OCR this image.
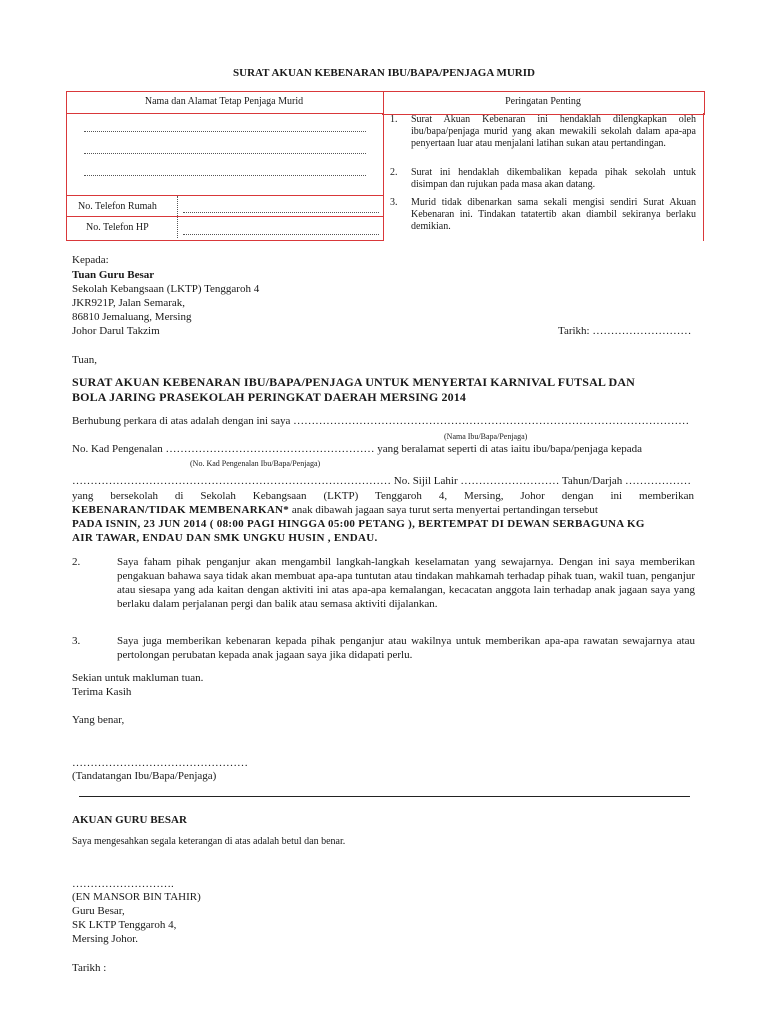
SURAT AKUAN KEBENARAN IBU/BAPA/PENJAGA MURID
Nama dan Alamat Tetap Penjaga Murid
No. Telefon Rumah
No. Telefon HP
Peringatan Penting
1. Surat Akuan Kebenaran ini hendaklah dilengkapkan oleh ibu/bapa/penjaga murid yang akan mewakili sekolah dalam apa-apa penyertaan luar atau menjalani latihan sukan atau pertandingan.
2. Surat ini hendaklah dikembalikan kepada pihak sekolah untuk disimpan dan rujukan pada masa akan datang.
3. Murid tidak dibenarkan sama sekali mengisi sendiri Surat Akuan Kebenaran ini. Tindakan tatatertib akan diambil sekiranya berlaku demikian.
Kepada:
Tuan Guru Besar
Sekolah Kebangsaan (LKTP) Tenggaroh 4
JKR921P, Jalan Semarak,
86810 Jemaluang, Mersing
Johor Darul Takzim	Tarikh: ………………………
Tuan,
SURAT AKUAN KEBENARAN IBU/BAPA/PENJAGA UNTUK MENYERTAI KARNIVAL FUTSAL DAN
BOLA JARING PRASEKOLAH PERINGKAT DAERAH MERSING 2014
Berhubung perkara di atas adalah dengan ini saya ………………………………………………………………………………………………
(Nama Ibu/Bapa/Penjaga)
No. Kad Pengenalan ………………………………………………… yang beralamat seperti di atas iaitu ibu/bapa/penjaga kepada
(No. Kad Pengenalan Ibu/Bapa/Penjaga)
…………………………………………………………………………… No. Sijil Lahir ……………………… Tahun/Darjah ………………
yang bersekolah di Sekolah Kebangsaan (LKTP) Tenggaroh 4, Mersing, Johor dengan ini memberikan
KEBENARAN/TIDAK MEMBENARKAN* anak dibawah jagaan saya turut serta menyertai pertandingan tersebut
PADA ISNIN, 23 JUN 2014 ( 08:00 PAGI HINGGA 05:00 PETANG ), BERTEMPAT DI DEWAN SERBAGUNA KG
AIR TAWAR, ENDAU DAN SMK UNGKU HUSIN , ENDAU.
2.	Saya faham pihak penganjur akan mengambil langkah-langkah keselamatan yang sewajarnya. Dengan ini saya memberikan pengakuan bahawa saya tidak akan membuat apa-apa tuntutan atau tindakan mahkamah terhadap pihak tuan, wakil tuan, penganjur atau siesapa yang ada kaitan dengan aktiviti ini atas apa-apa kemalangan, kecacatan anggota lain terhadap anak jagaan saya yang berlaku dalam perjalanan pergi dan balik atau semasa aktiviti dijalankan.
3.	Saya juga memberikan kebenaran kepada pihak penganjur atau wakilnya untuk memberikan apa-apa rawatan sewajarnya atau pertolongan perubatan kepada anak jagaan saya jika didapati perlu.
Sekian untuk makluman tuan.
Terima Kasih
Yang benar,
…………………………………………
(Tandatangan Ibu/Bapa/Penjaga)
AKUAN GURU BESAR
Saya mengesahkan segala keterangan di atas adalah betul dan benar.
……………………….
(EN MANSOR BIN TAHIR)
Guru Besar,
SK LKTP Tenggaroh 4,
Mersing Johor.
Tarikh :
